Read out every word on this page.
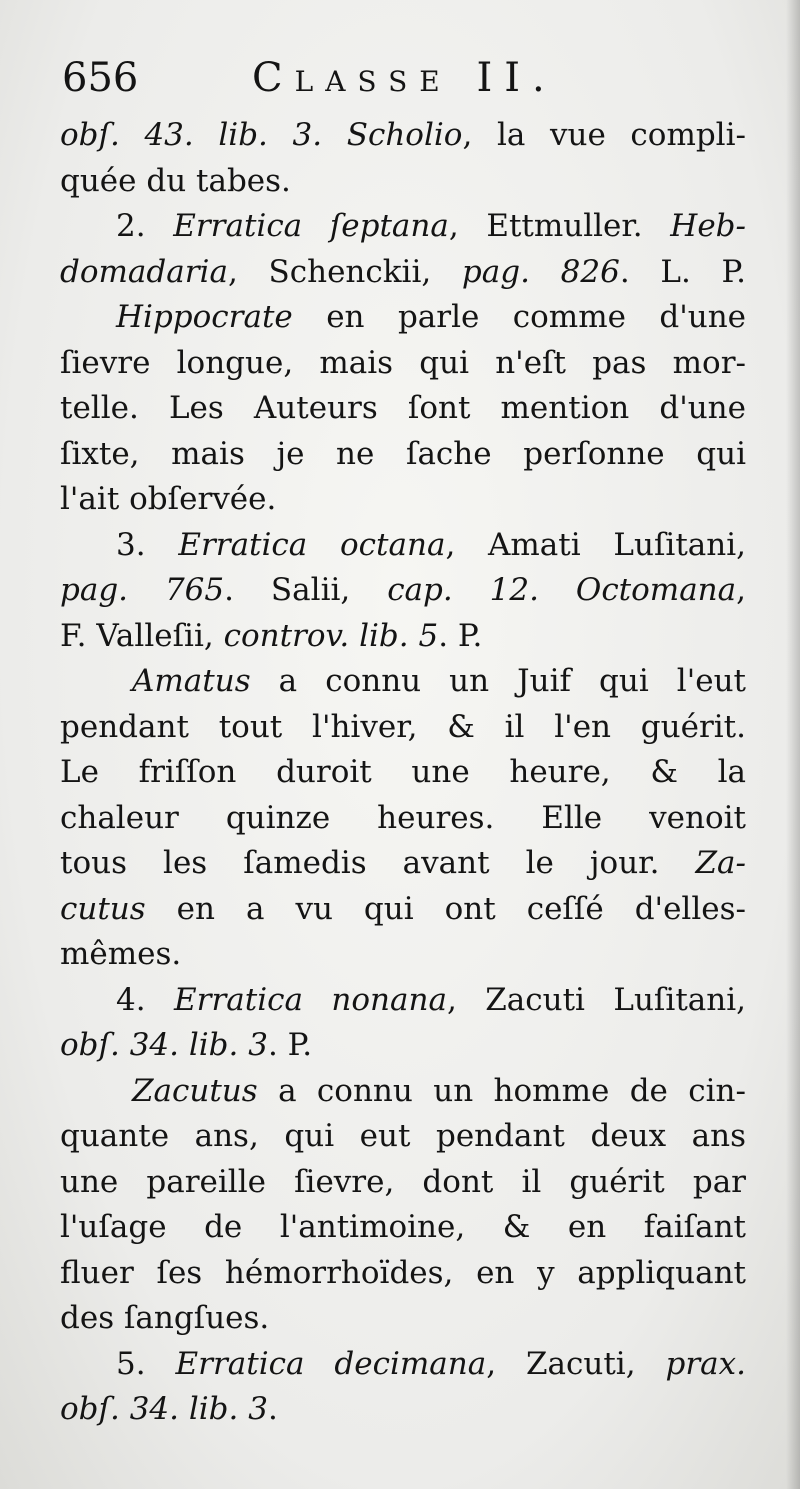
656	Classe II.
obſ. 43. lib. 3. Scholio, la vue compli-
quée du tabes.
2. Erratica ſeptana, Ettmuller. Heb-
domadaria, Schenckii, pag. 826. L. P.
Hippocrate en parle comme d'une
ſievre longue, mais qui n'eſt pas mor-
telle. Les Auteurs ſont mention d'une
ſixte, mais je ne ſache perſonne qui
l'ait obſervée.
3. Erratica octana, Amati Luſitani,
pag. 765. Salii, cap. 12. Octomana,
F. Valleſii, controv. lib. 5. P.
Amatus a connu un Juif qui l'eut
pendant tout l'hiver, & il l'en guérit.
Le friſſon duroit une heure, & la
chaleur quinze heures. Elle venoit
tous les ſamedis avant le jour. Za-
cutus en a vu qui ont ceſſé d'elles-
mêmes.
4. Erratica nonana, Zacuti Luſitani,
obſ. 34. lib. 3. P.
Zacutus a connu un homme de cin-
quante ans, qui eut pendant deux ans
une pareille ſievre, dont il guérit par
l'uſage de l'antimoine, & en faiſant
fluer ſes hémorrhoïdes, en y appliquant
des ſangſues.
5. Erratica decimana, Zacuti, prax.
obſ. 34. lib. 3.
